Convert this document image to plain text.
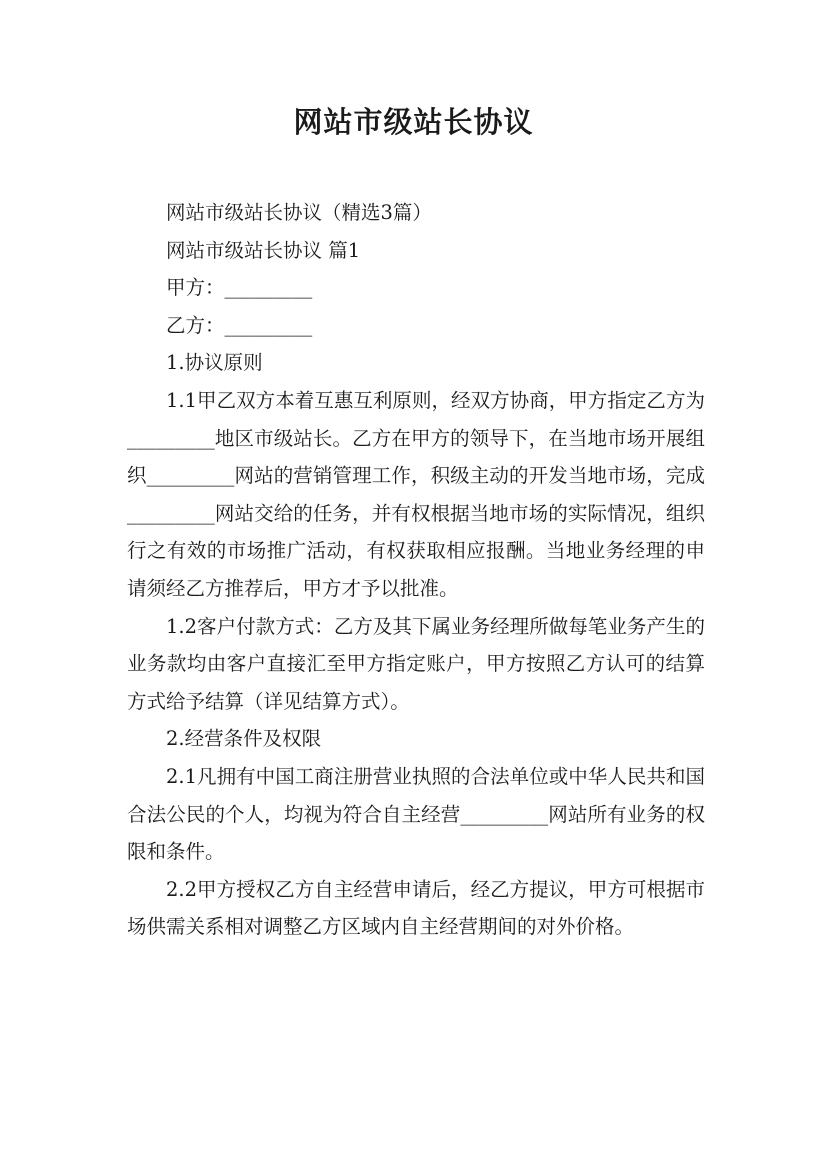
网站市级站长协议

网站市级站长协议（精选3篇）

网站市级站长协议 篇1

甲方：_________

乙方：_________

1.协议原则

1.1甲乙双方本着互惠互利原则，经双方协商，甲方指定乙方为_________地区市级站长。乙方在甲方的领导下，在当地市场开展组织_________网站的营销管理工作，积级主动的开发当地市场，完成_________网站交给的任务，并有权根据当地市场的实际情况，组织行之有效的市场推广活动，有权获取相应报酬。当地业务经理的申请须经乙方推荐后，甲方才予以批准。

1.2客户付款方式：乙方及其下属业务经理所做每笔业务产生的业务款均由客户直接汇至甲方指定账户，甲方按照乙方认可的结算方式给予结算（详见结算方式）。

2.经营条件及权限

2.1凡拥有中国工商注册营业执照的合法单位或中华人民共和国合法公民的个人，均视为符合自主经营_________网站所有业务的权限和条件。

2.2甲方授权乙方自主经营申请后，经乙方提议，甲方可根据市场供需关系相对调整乙方区域内自主经营期间的对外价格。
